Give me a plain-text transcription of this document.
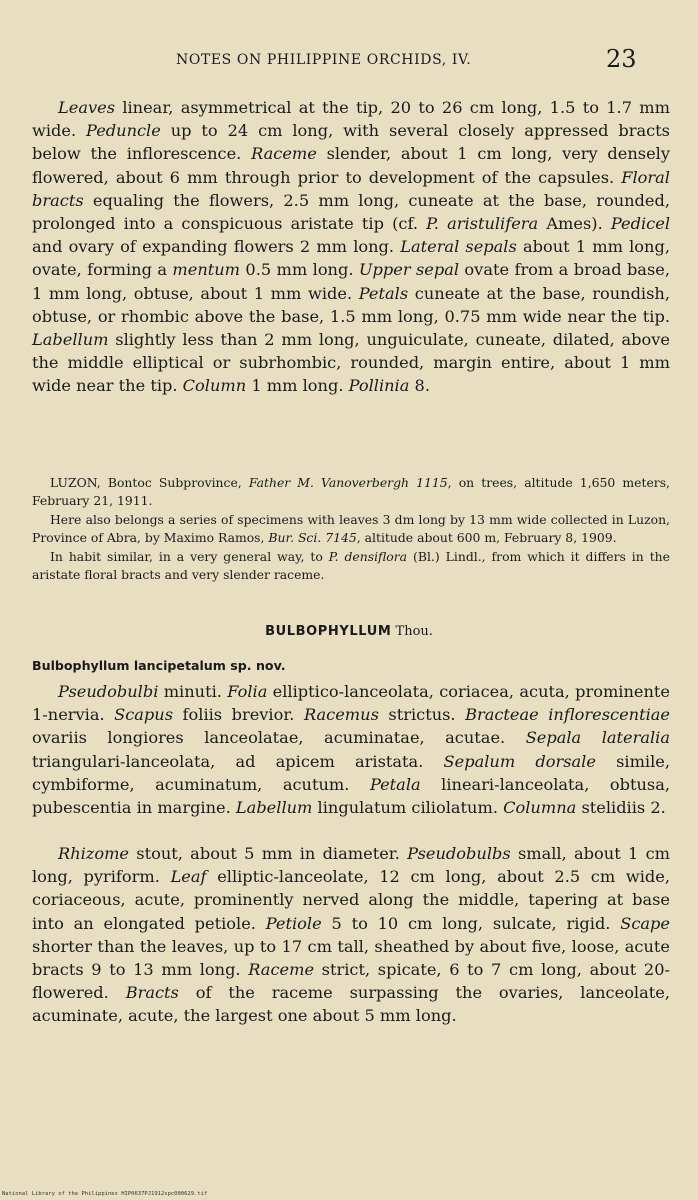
NOTES ON PHILIPPINE ORCHIDS, IV.	23

Leaves linear, asymmetrical at the tip, 20 to 26 cm long, 1.5 to 1.7 mm wide. Peduncle up to 24 cm long, with several closely appressed bracts below the inflorescence. Raceme slender, about 1 cm long, very densely flowered, about 6 mm through prior to development of the capsules. Floral bracts equaling the flowers, 2.5 mm long, cuneate at the base, rounded, prolonged into a conspicuous aristate tip (cf. P. aristulifera Ames). Pedicel and ovary of expanding flowers 2 mm long. Lateral sepals about 1 mm long, ovate, forming a mentum 0.5 mm long. Upper sepal ovate from a broad base, 1 mm long, obtuse, about 1 mm wide. Petals cuneate at the base, roundish, obtuse, or rhombic above the base, 1.5 mm long, 0.75 mm wide near the tip. Labellum slightly less than 2 mm long, unguiculate, cuneate, dilated, above the middle elliptical or subrhombic, rounded, margin entire, about 1 mm wide near the tip. Column 1 mm long. Pollinia 8.

LUZON, Bontoc Subprovince, Father M. Vanoverbergh 1115, on trees, altitude 1,650 meters, February 21, 1911.

Here also belongs a series of specimens with leaves 3 dm long by 13 mm wide collected in Luzon, Province of Abra, by Maximo Ramos, Bur. Sci. 7145, altitude about 600 m, February 8, 1909.

In habit similar, in a very general way, to P. densiflora (Bl.) Lindl., from which it differs in the aristate floral bracts and very slender raceme.

BULBOPHYLLUM Thou.
Bulbophyllum lancipetalum sp. nov.

Pseudobulbi minuti. Folia elliptico-lanceolata, coriacea, acuta, prominente 1-nervia. Scapus foliis brevior. Racemus strictus. Bracteae inflorescentiae ovariis longiores lanceolatae, acuminatae, acutae. Sepala lateralia triangulari-lanceolata, ad apicem aristata. Sepalum dorsale simile, cymbiforme, acuminatum, acutum. Petala lineari-lanceolata, obtusa, pubescentia in margine. Labellum lingulatum ciliolatum. Columna stelidiis 2.

Rhizome stout, about 5 mm in diameter. Pseudobulbs small, about 1 cm long, pyriform. Leaf elliptic-lanceolate, 12 cm long, about 2.5 cm wide, coriaceous, acute, prominently nerved along the middle, tapering at base into an elongated petiole. Petiole 5 to 10 cm long, sulcate, rigid. Scape shorter than the leaves, up to 17 cm tall, sheathed by about five, loose, acute bracts 9 to 13 mm long. Raceme strict, spicate, 6 to 7 cm long, about 20-flowered. Bracts of the raceme surpassing the ovaries, lanceolate, acuminate, acute, the largest one about 5 mm long.

National Library of the Philippines HIP0637PJ1912spc000629.tif
